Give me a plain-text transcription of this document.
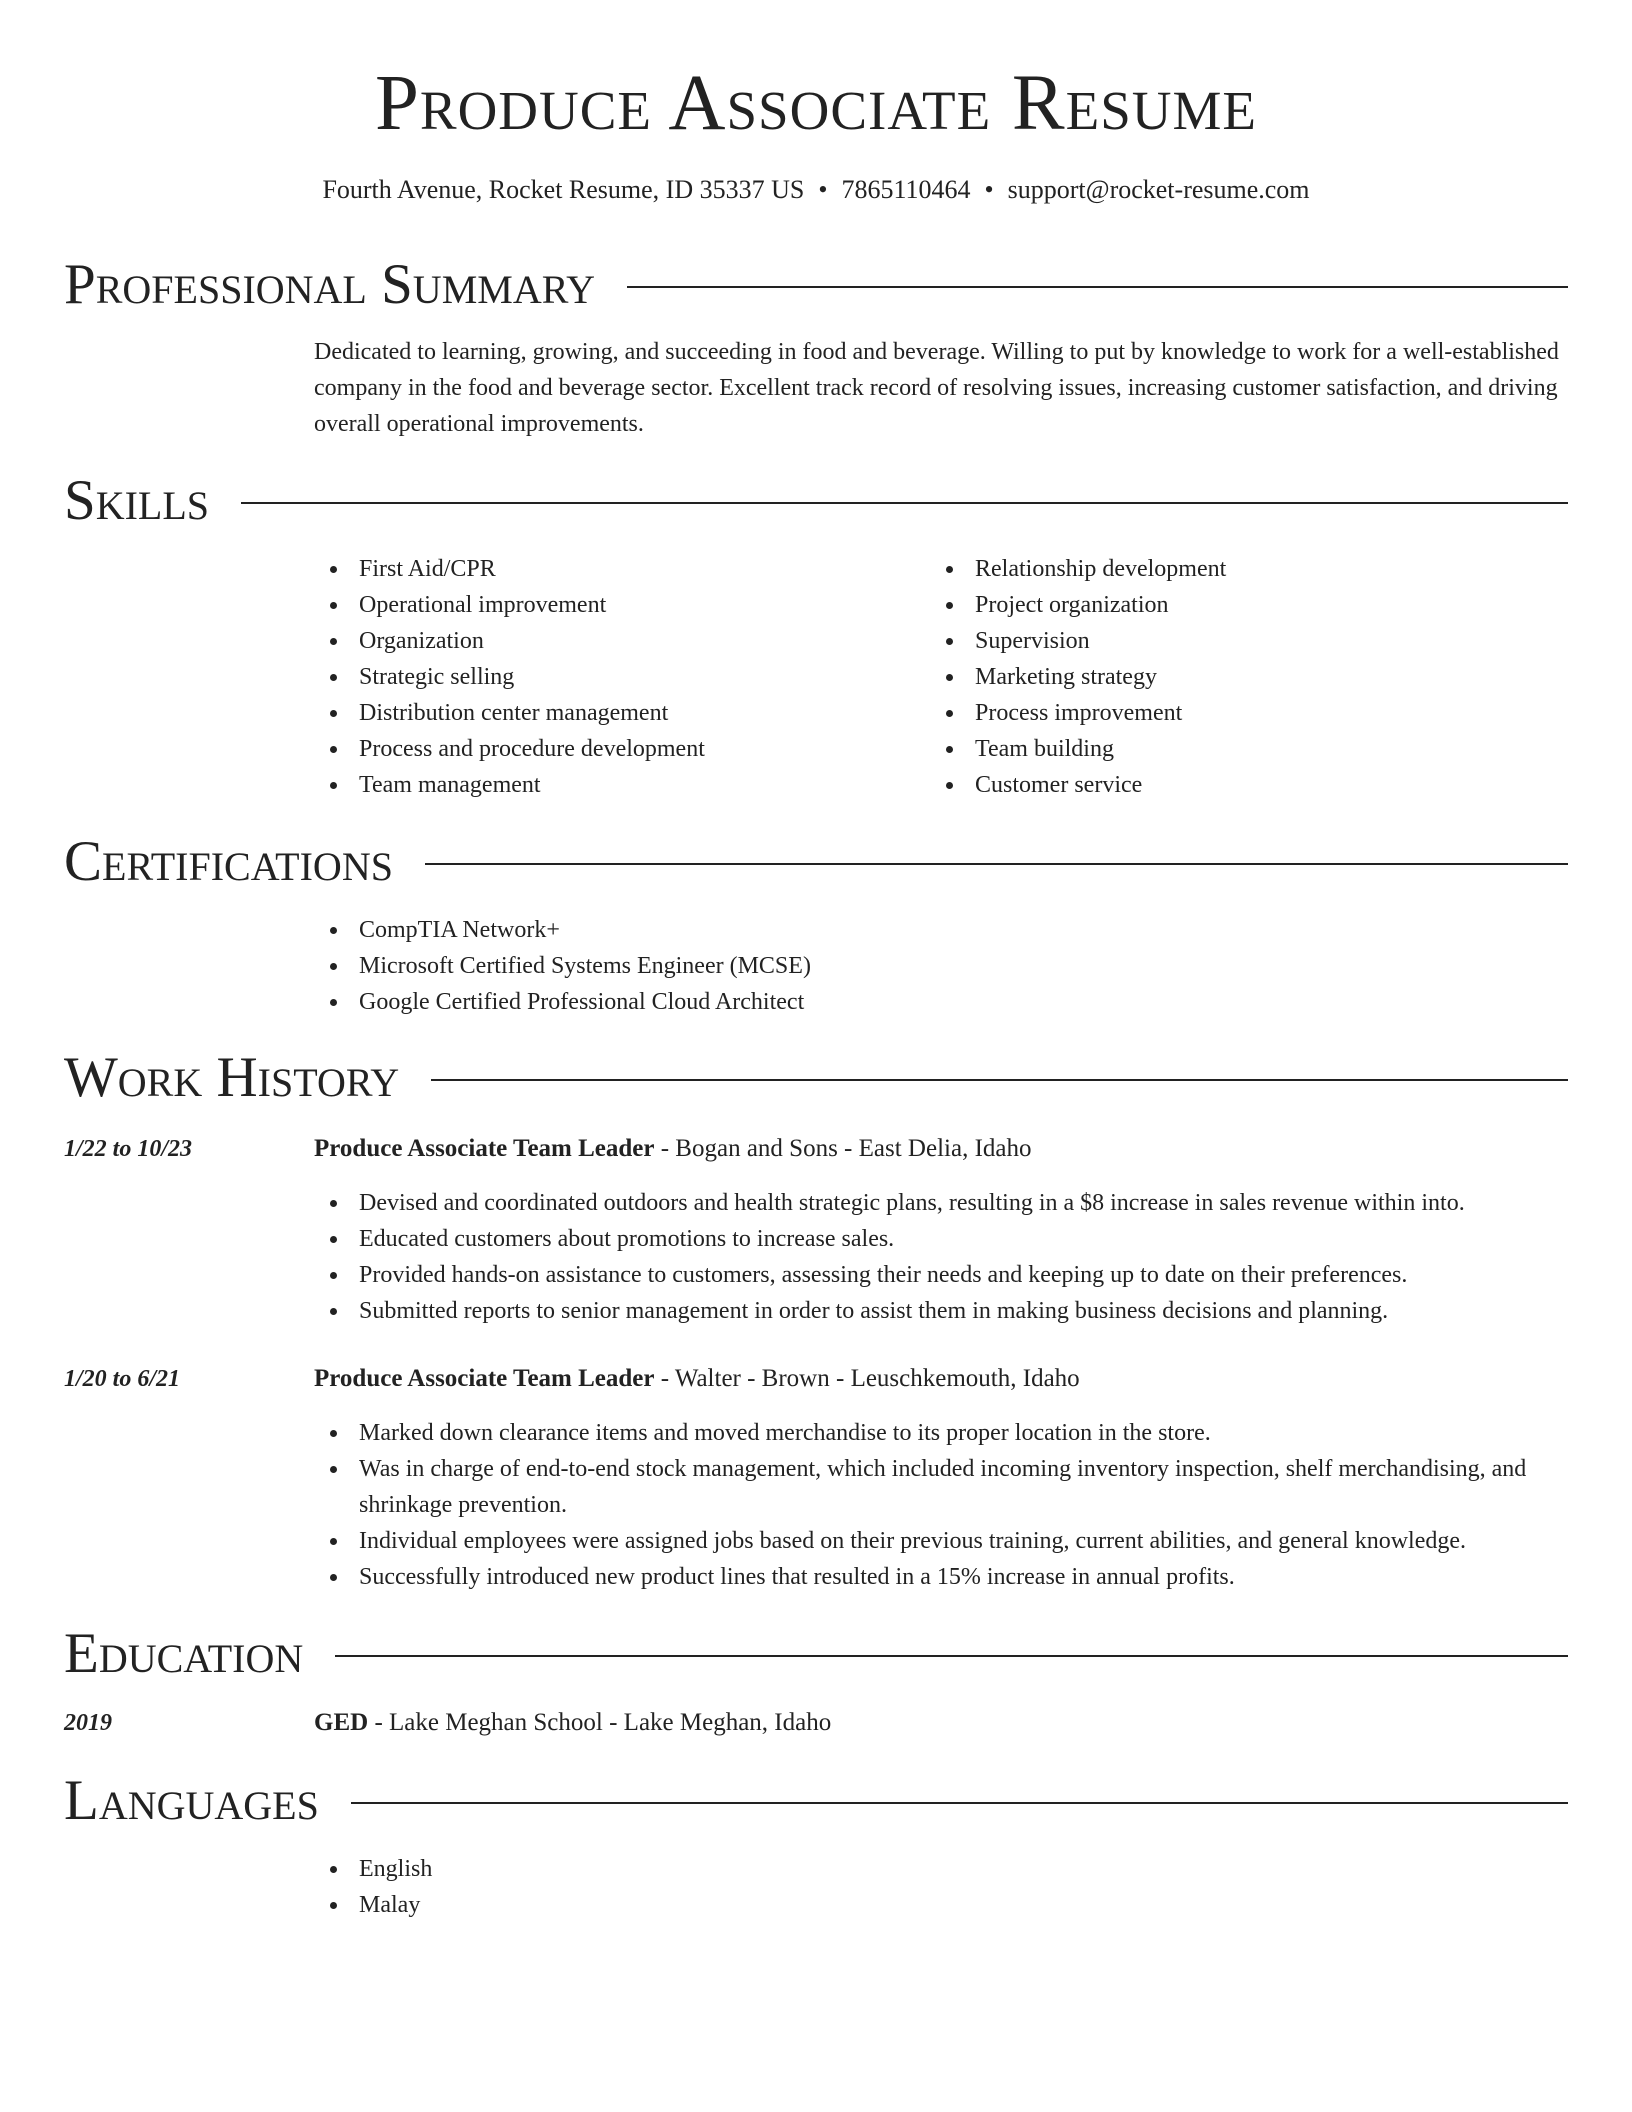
Produce Associate Resume
Fourth Avenue, Rocket Resume, ID 35337 US • 7865110464 • support@rocket-resume.com
Professional Summary

Dedicated to learning, growing, and succeeding in food and beverage. Willing to put by knowledge to work for a well-established company in the food and beverage sector. Excellent track record of resolving issues, increasing customer satisfaction, and driving overall operational improvements.

Skills
First Aid/CPR
Operational improvement
Organization
Strategic selling
Distribution center management
Process and procedure development
Team management
Relationship development
Project organization
Supervision
Marketing strategy
Process improvement
Team building
Customer service
Certifications
CompTIA Network+
Microsoft Certified Systems Engineer (MCSE)
Google Certified Professional Cloud Architect
Work History
1/22 to 10/23	Produce Associate Team Leader - Bogan and Sons - East Delia, Idaho
Devised and coordinated outdoors and health strategic plans, resulting in a $8 increase in sales revenue within into.
Educated customers about promotions to increase sales.
Provided hands-on assistance to customers, assessing their needs and keeping up to date on their preferences.
Submitted reports to senior management in order to assist them in making business decisions and planning.
1/20 to 6/21	Produce Associate Team Leader - Walter - Brown - Leuschkemouth, Idaho
Marked down clearance items and moved merchandise to its proper location in the store.
Was in charge of end-to-end stock management, which included incoming inventory inspection, shelf merchandising, and shrinkage prevention.
Individual employees were assigned jobs based on their previous training, current abilities, and general knowledge.
Successfully introduced new product lines that resulted in a 15% increase in annual profits.
Education
2019	GED - Lake Meghan School - Lake Meghan, Idaho
Languages
English
Malay
